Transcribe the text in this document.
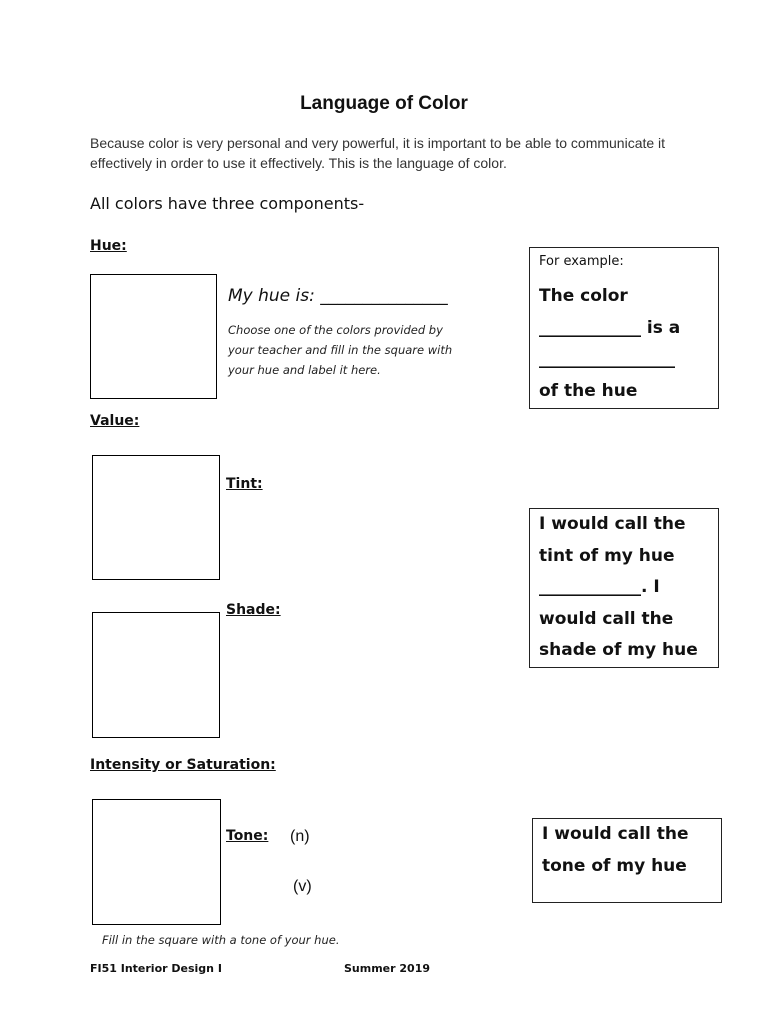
Language of Color
Because color is very personal and very powerful, it is important to be able to communicate it effectively in order to use it effectively. This is the language of color.
All colors have three components-
Hue:
My hue is: _______________
Choose one of the colors provided by your teacher and fill in the square with your hue and label it here.
For example:
The color
____________ is a
________________
of the hue
Value:
Tint:
Shade:
I would call the
tint of my hue
____________. I
would call the
shade of my hue
Intensity or Saturation:
Tone: (n)
(v)
Fill in the square with a tone of your hue.
I would call the
tone of my hue
FI51 Interior Design I	Summer 2019
